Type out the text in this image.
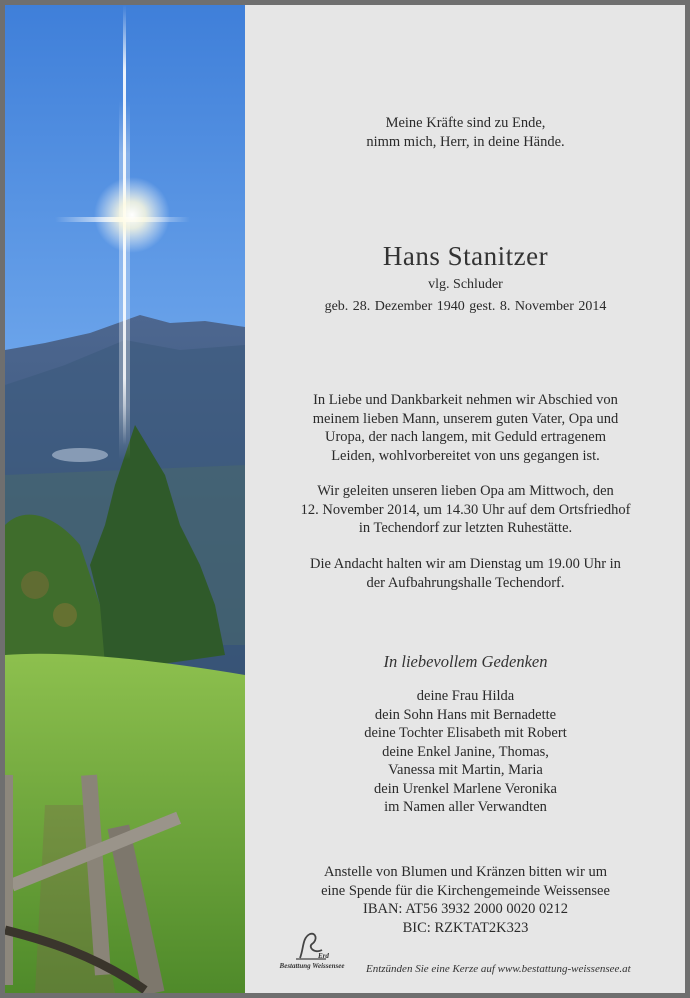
Meine Kräfte sind zu Ende,
nimm mich, Herr, in deine Hände.
Hans Stanitzer
vlg. Schluder
geb. 28. Dezember 1940 gest. 8. November 2014
In Liebe und Dankbarkeit nehmen wir Abschied von
meinem lieben Mann, unserem guten Vater, Opa und
Uropa, der nach langem, mit Geduld ertragenem
Leiden, wohlvorbereitet von uns gegangen ist.
Wir geleiten unseren lieben Opa am Mittwoch, den
12. November 2014, um 14.30 Uhr auf dem Ortsfriedhof
in Techendorf zur letzten Ruhestätte.
Die Andacht halten wir am Dienstag um 19.00 Uhr in
der Aufbahrungshalle Techendorf.
In liebevollem Gedenken
deine Frau Hilda
dein Sohn Hans mit Bernadette
deine Tochter Elisabeth mit Robert
deine Enkel Janine, Thomas,
Vanessa mit Martin, Maria
dein Urenkel Marlene Veronika
im Namen aller Verwandten
Anstelle von Blumen und Kränzen bitten wir um
eine Spende für die Kirchengemeinde Weissensee
IBAN: AT56 3932 2000 0020 0212
BIC: RZKTAT2K323
Erd
Bestattung Weissensee	Entzünden Sie eine Kerze auf www.bestattung-weissensee.at
